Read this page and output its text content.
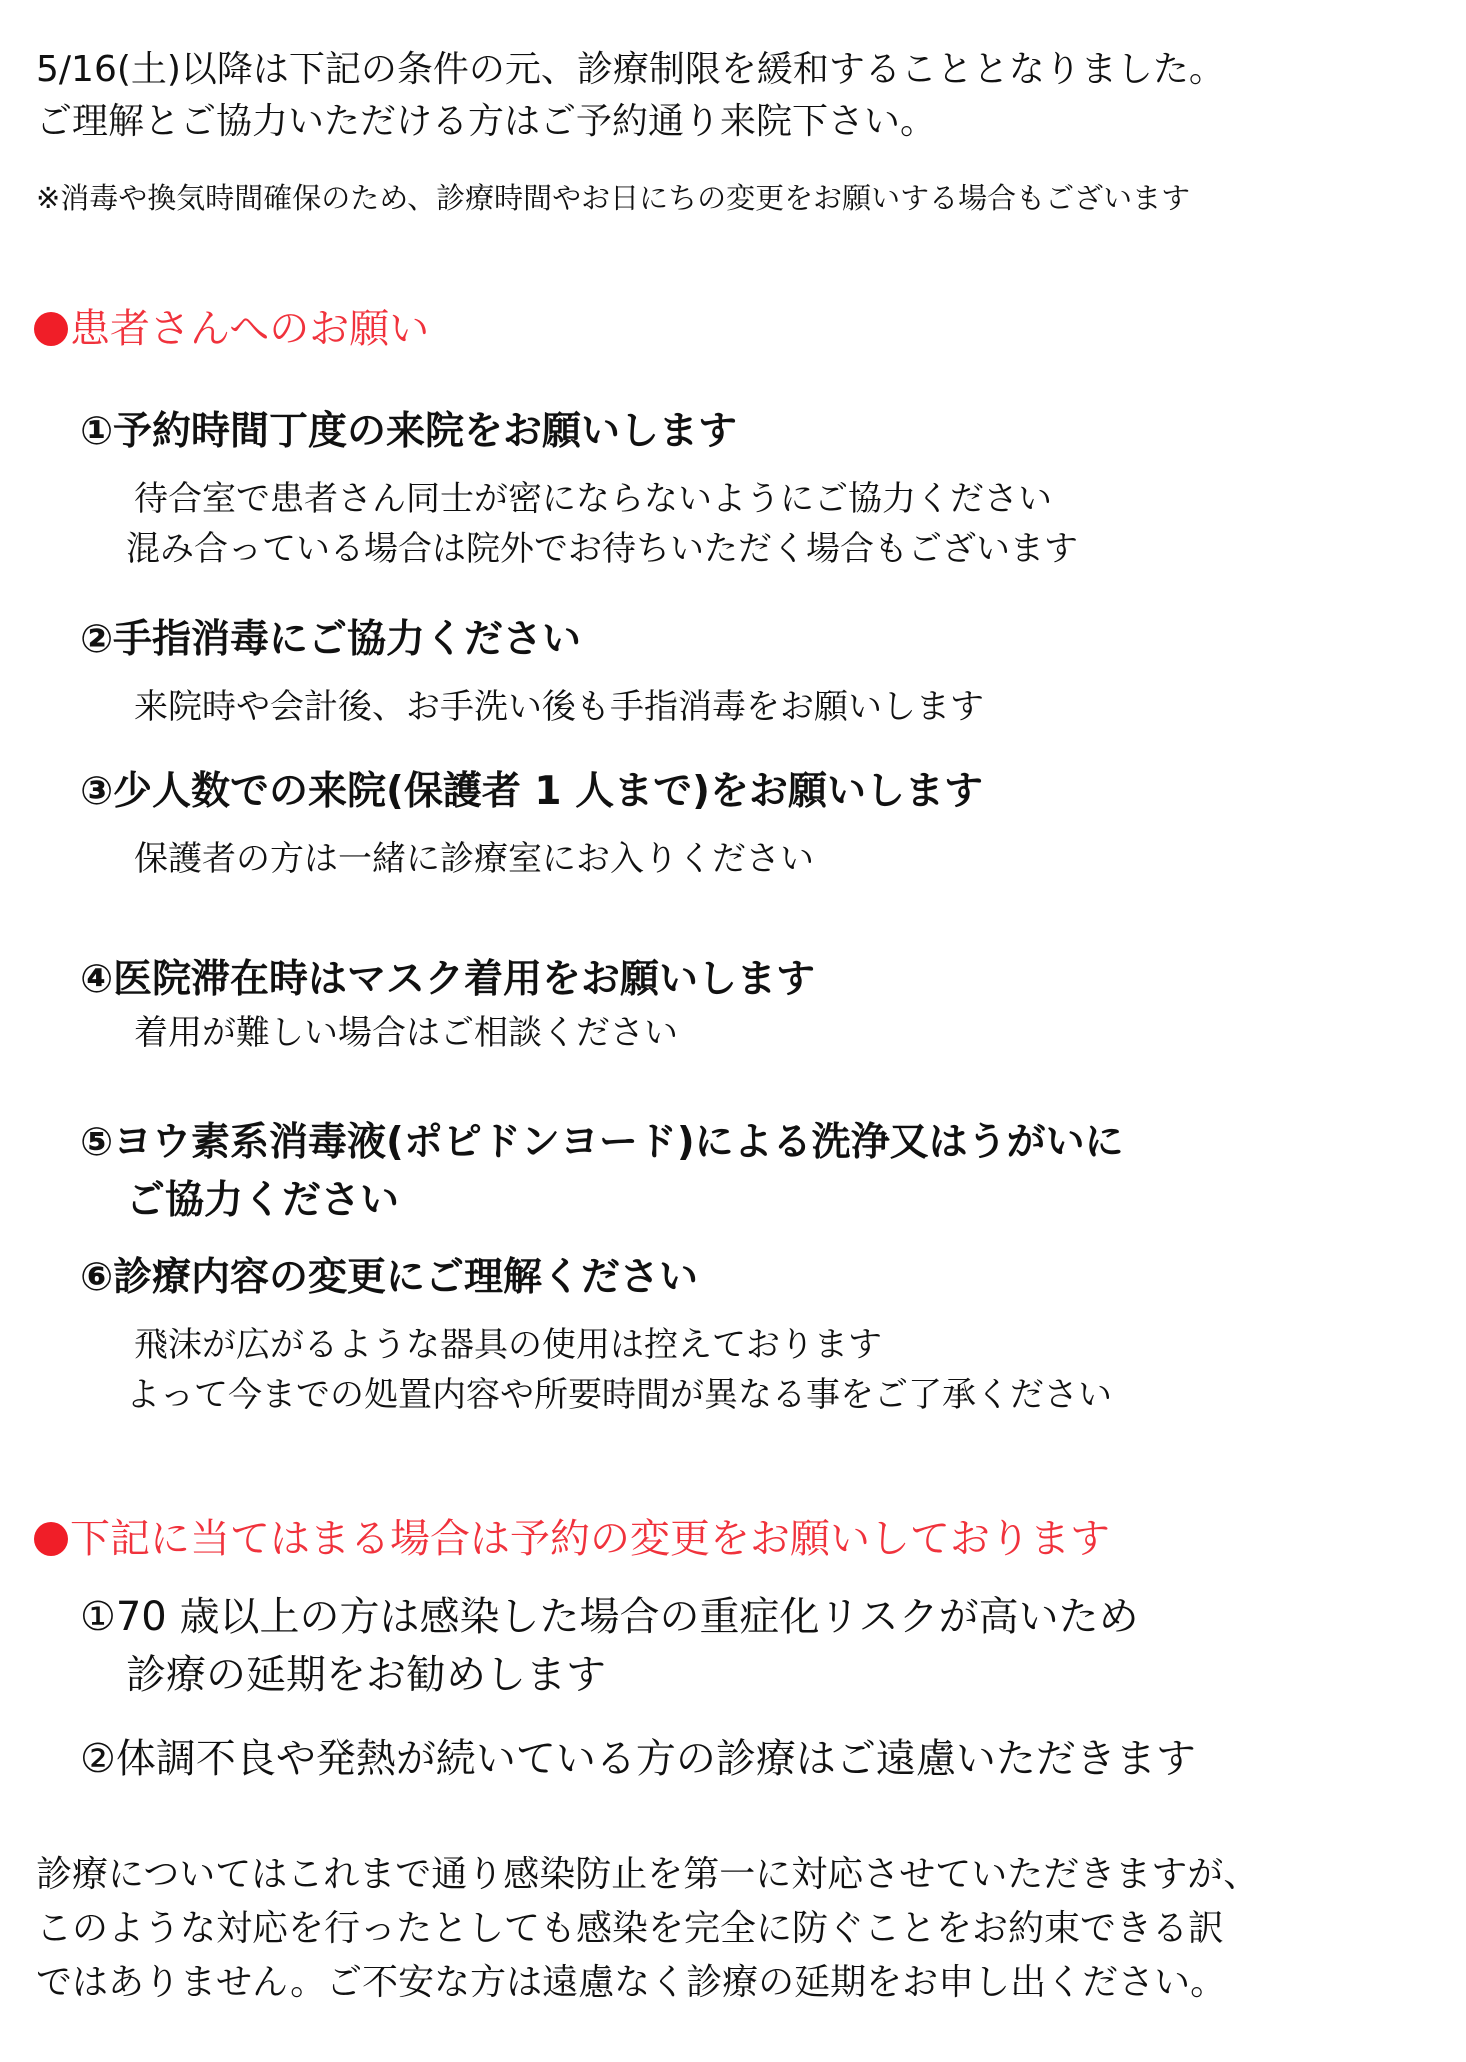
5/16(土)以降は下記の条件の元、診療制限を緩和することとなりました。
ご理解とご協力いただける方はご予約通り来院下さい。
※消毒や換気時間確保のため、診療時間やお日にちの変更をお願いする場合もございます
患者さんへのお願い
①予約時間丁度の来院をお願いします
待合室で患者さん同士が密にならないようにご協力ください
混み合っている場合は院外でお待ちいただく場合もございます
②手指消毒にご協力ください
来院時や会計後、お手洗い後も手指消毒をお願いします
③少人数での来院(保護者 1 人まで)をお願いします
保護者の方は一緒に診療室にお入りください
④医院滞在時はマスク着用をお願いします
着用が難しい場合はご相談ください
⑤ヨウ素系消毒液(ポピドンヨード)による洗浄又はうがいに
ご協力ください
⑥診療内容の変更にご理解ください
飛沫が広がるような器具の使用は控えております
よって今までの処置内容や所要時間が異なる事をご了承ください
下記に当てはまる場合は予約の変更をお願いしております
①70 歳以上の方は感染した場合の重症化リスクが高いため
診療の延期をお勧めします
②体調不良や発熱が続いている方の診療はご遠慮いただきます
診療についてはこれまで通り感染防止を第一に対応させていただきますが、
このような対応を行ったとしても感染を完全に防ぐことをお約束できる訳
ではありません。ご不安な方は遠慮なく診療の延期をお申し出ください。
